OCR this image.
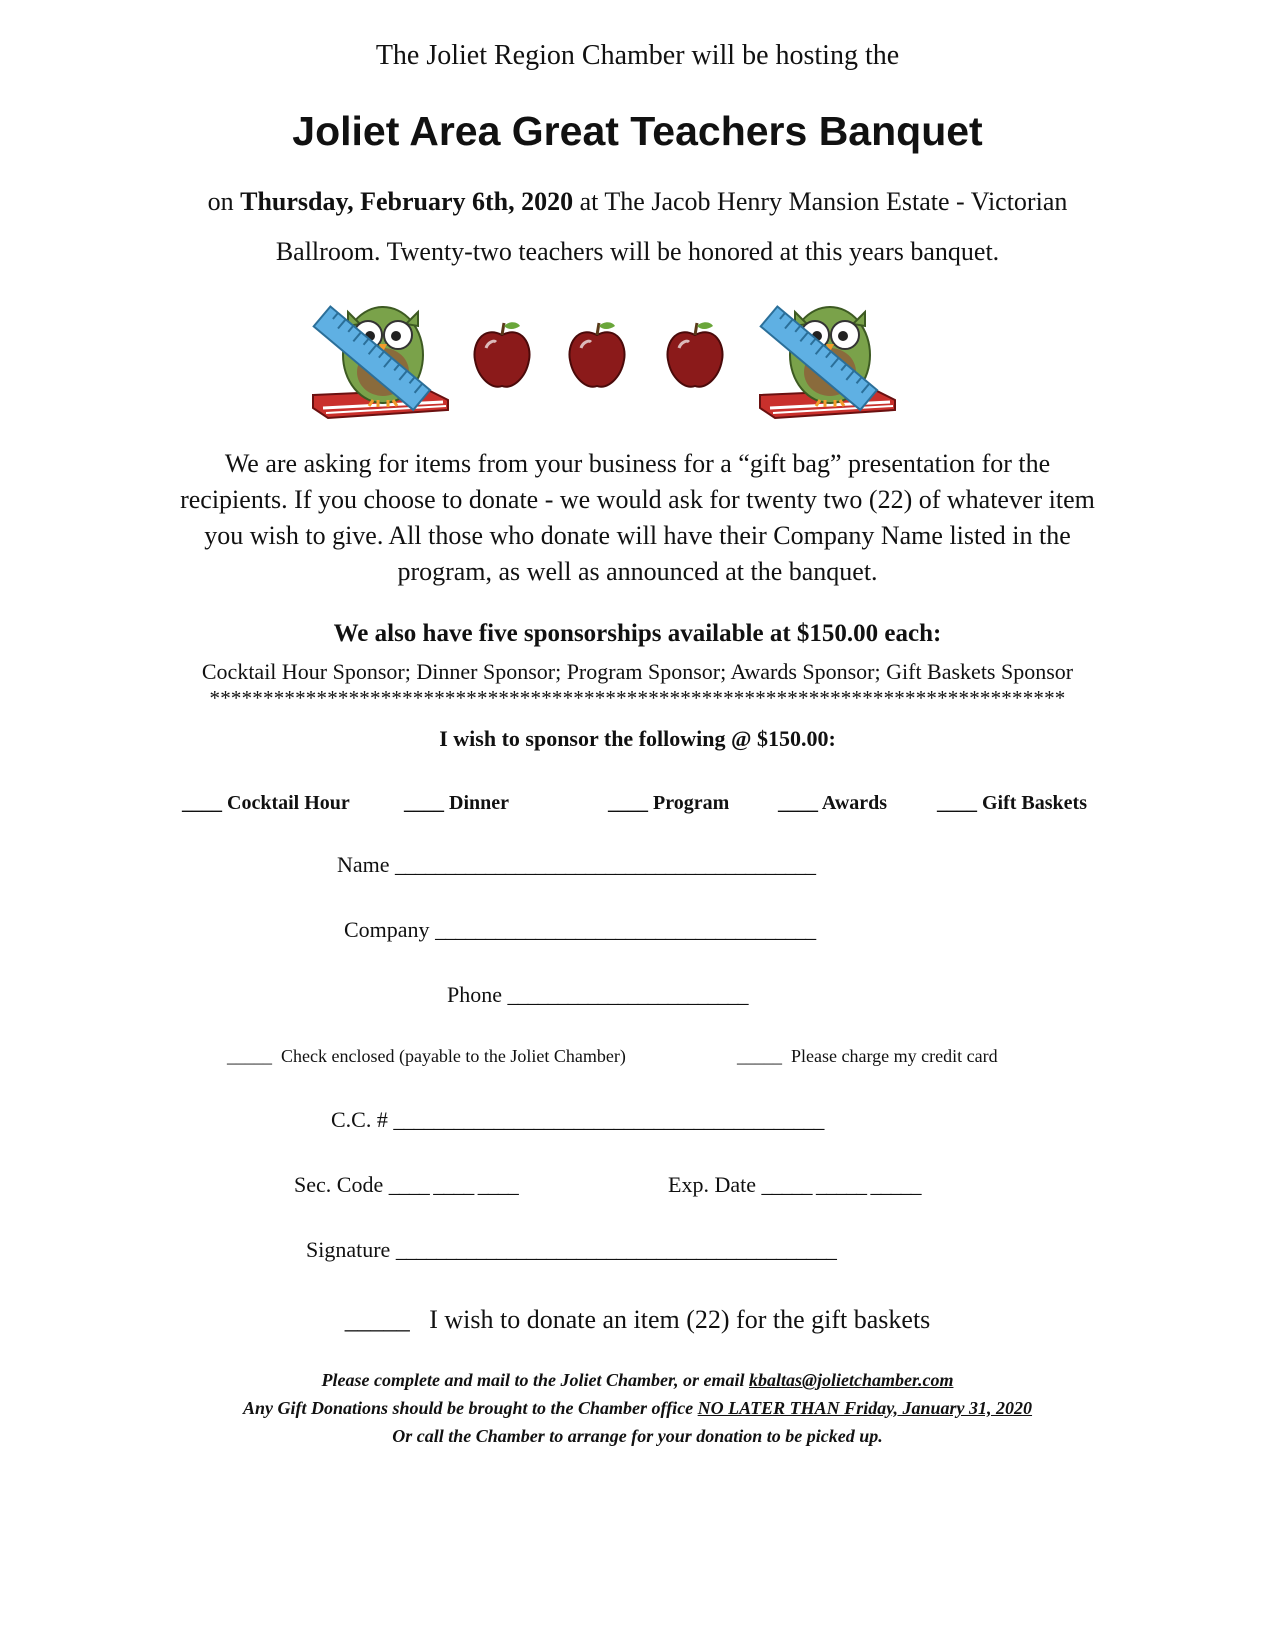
The Joliet Region Chamber will be hosting the
Joliet Area Great Teachers Banquet
on Thursday, February 6th, 2020 at The Jacob Henry Mansion Estate - Victorian
Ballroom. Twenty-two teachers will be honored at this years banquet.
We are asking for items from your business for a “gift bag” presentation for the
recipients. If you choose to donate - we would ask for twenty two (22) of whatever item
you wish to give. All those who donate will have their Company Name listed in the
program, as well as announced at the banquet.
We also have five sponsorships available at $150.00 each:
Cocktail Hour Sponsor; Dinner Sponsor; Program Sponsor; Awards Sponsor; Gift Baskets Sponsor
********************************************************************************
I wish to sponsor the following @ $150.00:
____ Cocktail Hour	____ Dinner	____ Program ____ Awards ____ Gift Baskets
Name __________________________________________
Company ______________________________________
Phone ________________________
_____ Check enclosed (payable to the Joliet Chamber)	_____ Please charge my credit card
C.C. # ___________________________________________
Sec. Code ____ ____ ____	Exp. Date _____ _____ _____
Signature ____________________________________________
_____ I wish to donate an item (22) for the gift baskets
Please complete and mail to the Joliet Chamber, or email kbaltas@jolietchamber.com
Any Gift Donations should be brought to the Chamber office NO LATER THAN Friday, January 31, 2020
Or call the Chamber to arrange for your donation to be picked up.
